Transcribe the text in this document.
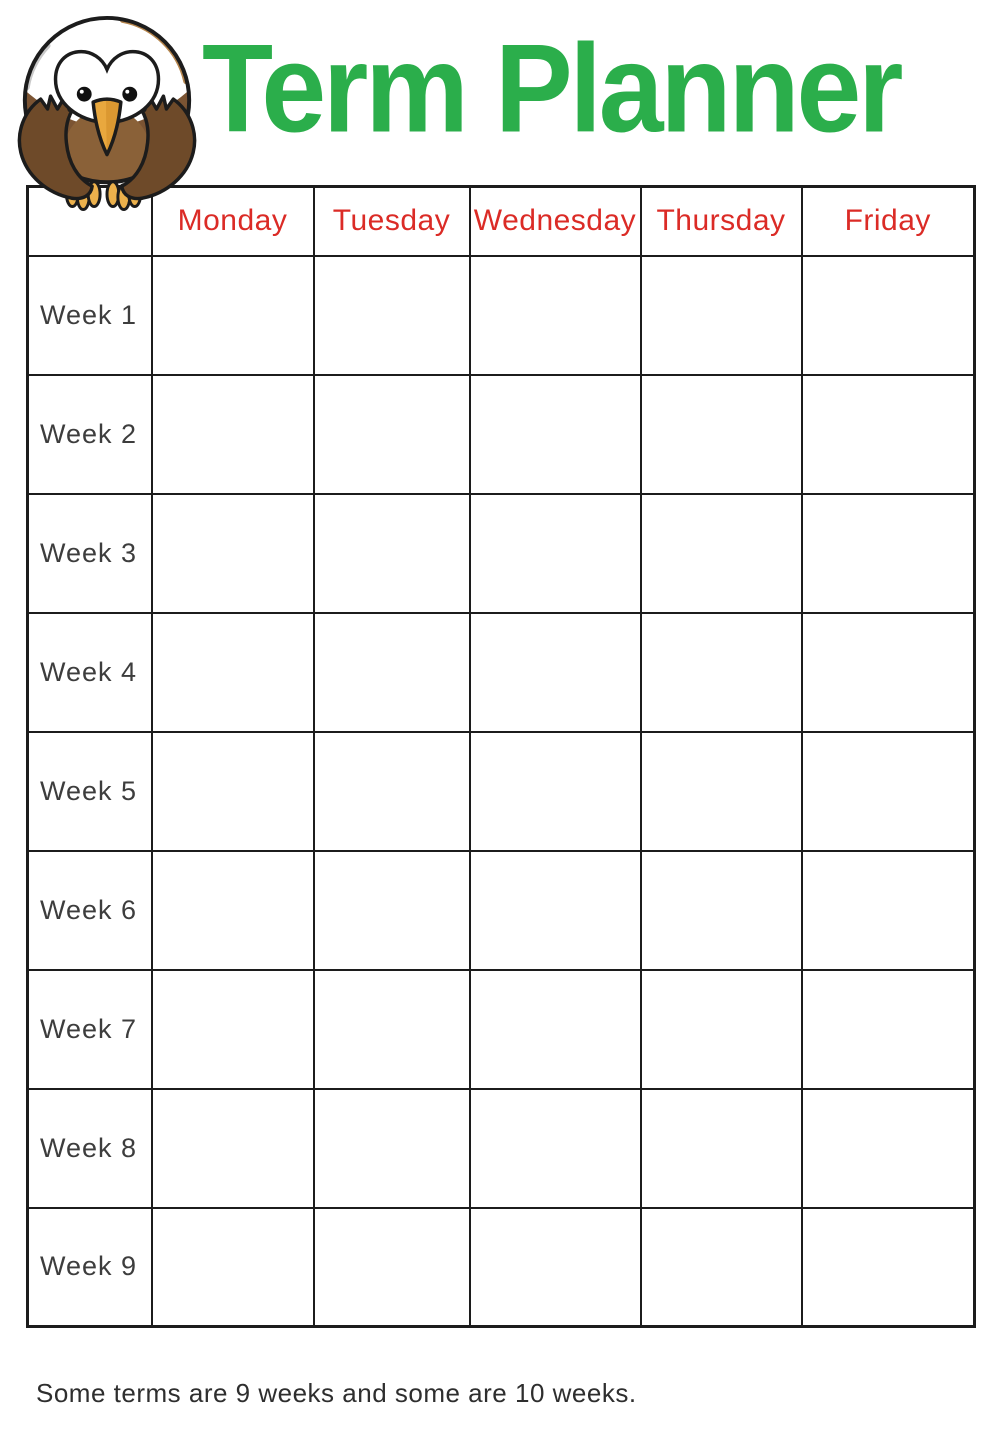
Term Planner
	Monday	Tuesday	Wednesday	Thursday	Friday
Week 1					
Week 2					
Week 3					
Week 4					
Week 5					
Week 6					
Week 7					
Week 8					
Week 9					

Some terms are 9 weeks and some are 10 weeks.
